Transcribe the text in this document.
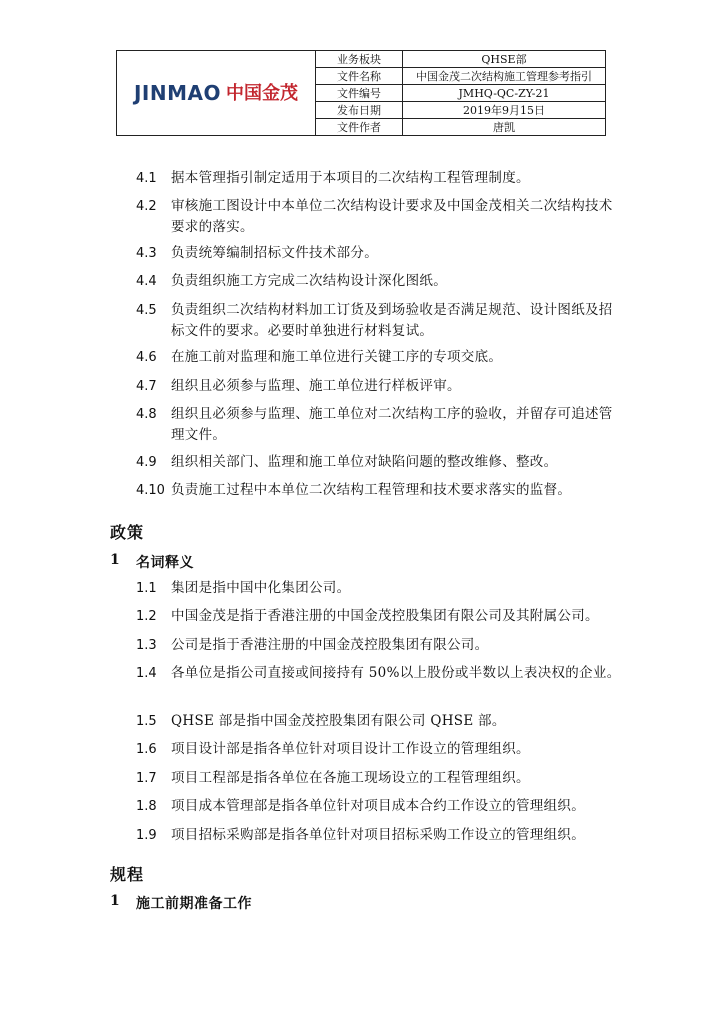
JINMAO 中国金茂	业务板块	QHSE部
	文件名称	中国金茂二次结构施工管理参考指引
	文件编号	JMHQ-QC-ZY-21
	发布日期	2019年9月15日
	文件作者	唐凯
4.1 据本管理指引制定适用于本项目的二次结构工程管理制度。
4.2 审核施工图设计中本单位二次结构设计要求及中国金茂相关二次结构技术要求的落实。
4.3 负责统筹编制招标文件技术部分。
4.4 负责组织施工方完成二次结构设计深化图纸。
4.5 负责组织二次结构材料加工订货及到场验收是否满足规范、设计图纸及招标文件的要求。必要时单独进行材料复试。
4.6 在施工前对监理和施工单位进行关键工序的专项交底。
4.7 组织且必须参与监理、施工单位进行样板评审。
4.8 组织且必须参与监理、施工单位对二次结构工序的验收，并留存可追述管理文件。
4.9 组织相关部门、监理和施工单位对缺陷问题的整改维修、整改。
4.10 负责施工过程中本单位二次结构工程管理和技术要求落实的监督。
政策
1 名词释义
1.1 集团是指中国中化集团公司。
1.2 中国金茂是指于香港注册的中国金茂控股集团有限公司及其附属公司。
1.3 公司是指于香港注册的中国金茂控股集团有限公司。
1.4 各单位是指公司直接或间接持有 50%以上股份或半数以上表决权的企业。
1.5 QHSE 部是指中国金茂控股集团有限公司 QHSE 部。
1.6 项目设计部是指各单位针对项目设计工作设立的管理组织。
1.7 项目工程部是指各单位在各施工现场设立的工程管理组织。
1.8 项目成本管理部是指各单位针对项目成本合约工作设立的管理组织。
1.9 项目招标采购部是指各单位针对项目招标采购工作设立的管理组织。
规程
1 施工前期准备工作
